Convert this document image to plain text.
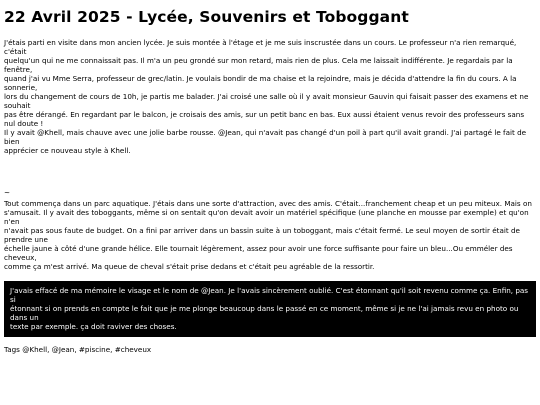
22 Avril 2025 - Lycée, Souvenirs et Toboggant

J'étais parti en visite dans mon ancien lycée. Je suis montée à l'étage et je me suis inscrustée dans un cours. Le professeur n'a rien remarqué, c'était
quelqu'un qui ne me connaissait pas. Il m'a un peu grondé sur mon retard, mais rien de plus. Cela me laissait indifférente. Je regardais par la fenêtre,
quand j'ai vu Mme Serra, professeur de grec/latin. Je voulais bondir de ma chaise et la rejoindre, mais je décida d'attendre la fin du cours. A la sonnerie,
lors du changement de cours de 10h, je partis me balader. J'ai croisé une salle où il y avait monsieur Gauvin qui faisait passer des examens et ne souhait
pas être dérangé. En regardant par le balcon, je croisais des amis, sur un petit banc en bas. Eux aussi étaient venus revoir des professeurs sans nul doute !
Il y avait @Khell, mais chauve avec une jolie barbe rousse. @Jean, qui n'avait pas changé d'un poil à part qu'il avait grandi. J'ai partagé le fait de bien
apprécier ce nouveau style à Khell.

~

Tout commença dans un parc aquatique. J'étais dans une sorte d'attraction, avec des amis. C'était...franchement cheap et un peu miteux. Mais on
s'amusait. Il y avait des toboggants, même si on sentait qu'on devait avoir un matériel spécifique (une planche en mousse par exemple) et qu'on n'en
n'avait pas sous faute de budget. On a fini par arriver dans un bassin suite à un toboggant, mais c'était fermé. Le seul moyen de sortir était de prendre une
échelle jaune à côté d'une grande hélice. Elle tournait légèrement, assez pour avoir une force suffisante pour faire un bleu...Ou emméler des cheveux,
comme ça m'est arrivé. Ma queue de cheval s'était prise dedans et c'était peu agréable de la ressortir.

J'avais effacé de ma mémoire le visage et le nom de @Jean. Je l'avais sincèrement oublié. C'est étonnant qu'il soit revenu comme ça. Enfin, pas si
étonnant si on prends en compte le fait que je me plonge beaucoup dans le passé en ce moment, même si je ne l'ai jamais revu en photo ou dans un
texte par exemple. ça doit raviver des choses.

Tags @Khell, @Jean, #piscine, #cheveux
